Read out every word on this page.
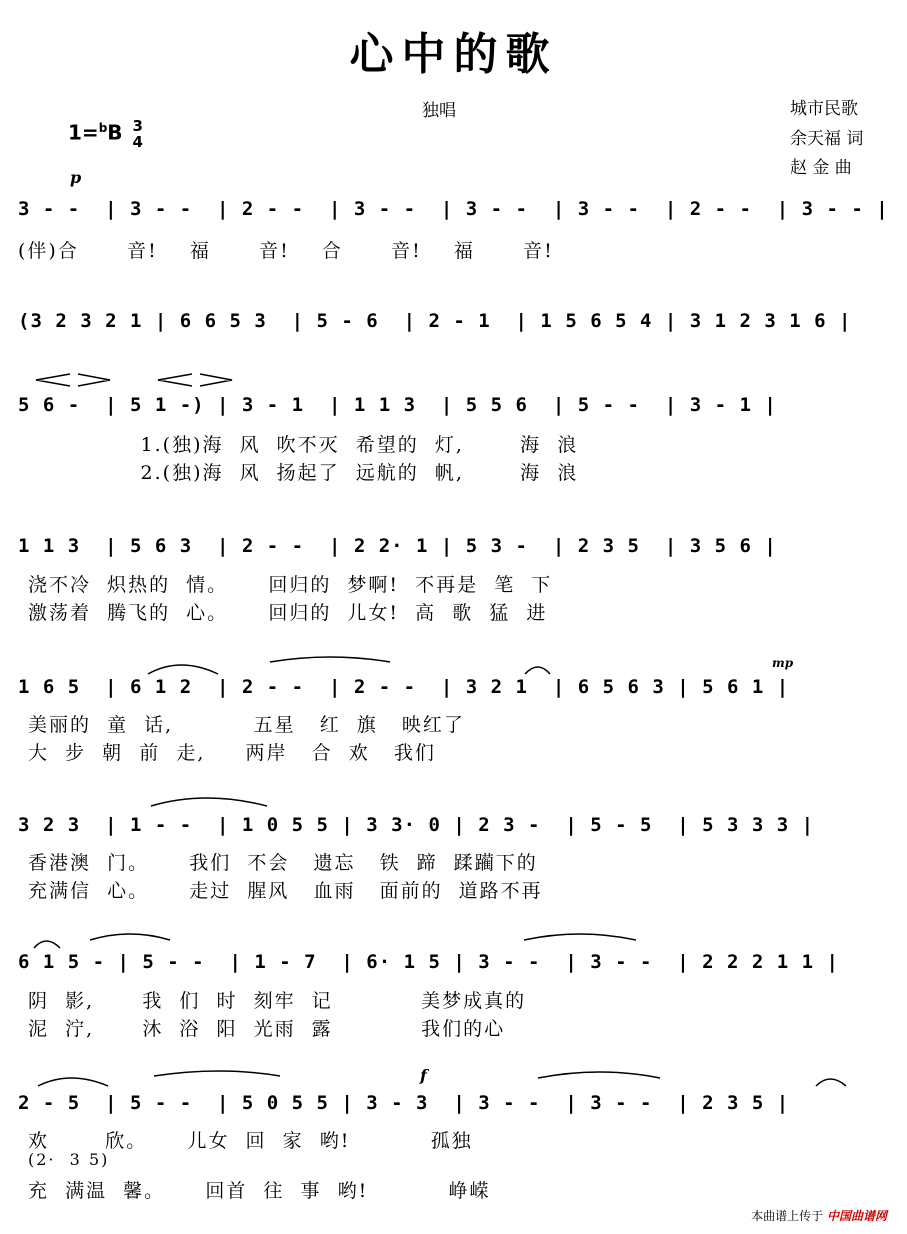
心中的歌
独唱	城市民歌
余天福 词
赵 金 曲
1=$^b$B 3
4
p
mp
f
3 - -  | 3 - -  | 2 - -  | 3 - -  | 3 - -  | 3 - -  | 2 - -  | 3 - - |
(伴)合      音!    福      音!    合      音!    福      音!
(3 2 3 2 1 | 6 6 5 3  | 5 - 6  | 2 - 1  | 1 5 6 5 4 | 3 1 2 3 1 6 |
5 6 -  | 5 1 -) | 3 - 1  | 1 1 3  | 5 5 6  | 5 - -  | 3 - 1 |
1.(独)海  风  吹不灭  希望的  灯,       海  浪
2.(独)海  风  扬起了  远航的  帆,       海  浪
1 1 3  | 5 6 3  | 2 - -  | 2 2· 1 | 5 3 -  | 2 3 5  | 3 5 6 |
浇不冷  炽热的  情。     回归的  梦啊!  不再是  笔  下
激荡着  腾飞的  心。     回归的  儿女!  高  歌  猛  进
1 6 5  | 6 1 2  | 2 - -  | 2 - -  | 3 2 1  | 6 5 6 3 | 5 6 1 |
美丽的  童  话,          五星   红  旗   映红了
大  步  朝  前  走,     两岸   合  欢   我们
3 2 3  | 1 - -  | 1 0 5 5 | 3 3· 0 | 2 3 -  | 5 - 5  | 5 3 3 3 |
香港澳  门。     我们  不会   遗忘   铁  蹄  蹂躏下的
充满信  心。     走过  腥风   血雨   面前的  道路不再
6 1 5 - | 5 - -  | 1 - 7  | 6· 1 5 | 3 - -  | 3 - -  | 2 2 2 1 1 |
阴  影,      我  们  时  刻牢  记           美梦成真的
泥  泞,      沐  浴  阳  光雨  露           我们的心
2 - 5  | 5 - -  | 5 0 5 5 | 3 - 3  | 3 - -  | 3 - -  | 2 3 5 |
欢       欣。     儿女  回  家  哟!          孤独
(2·  3 5)
充  满温  馨。     回首  往  事  哟!          峥嵘
本曲谱上传于 中国曲谱网
